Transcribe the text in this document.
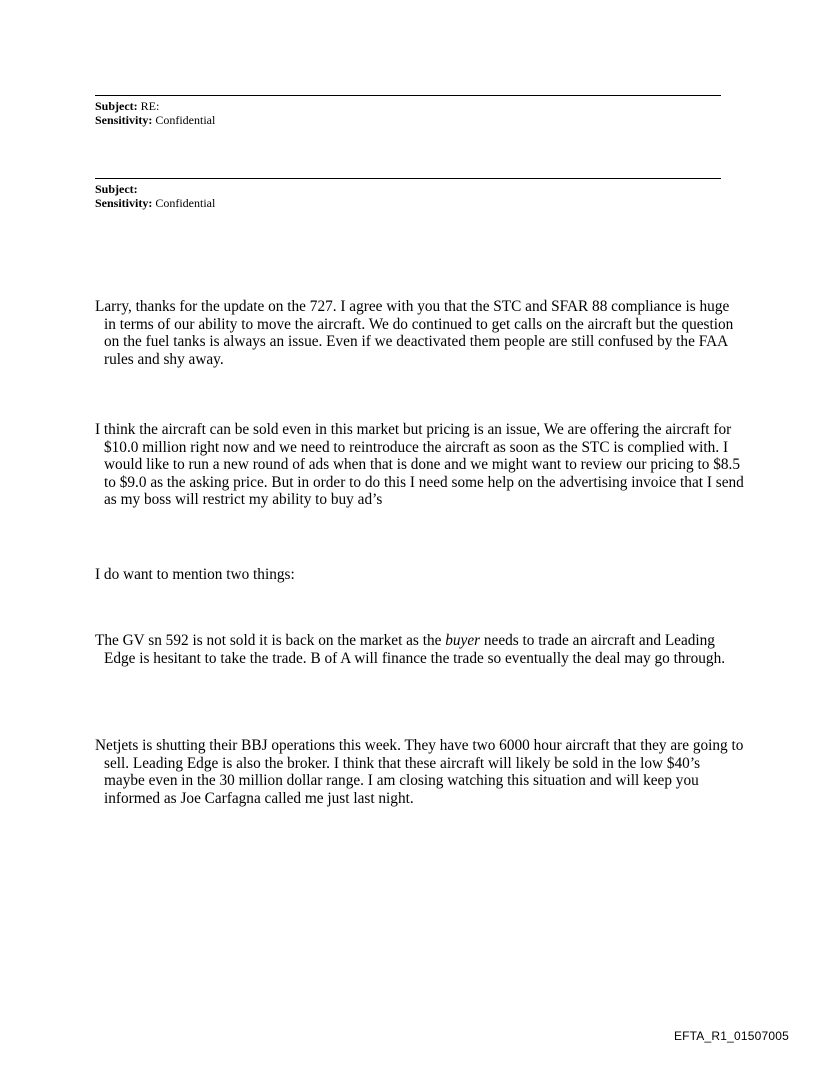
Subject: RE:
Sensitivity: Confidential
Subject:
Sensitivity: Confidential

Larry, thanks for the update on the 727. I agree with you that the STC and SFAR 88 compliance is huge in terms of our ability to move the aircraft. We do continued to get calls on the aircraft but the question on the fuel tanks is always an issue. Even if we deactivated them people are still confused by the FAA rules and shy away.

I think the aircraft can be sold even in this market but pricing is an issue, We are offering the aircraft for $10.0 million right now and we need to reintroduce the aircraft as soon as the STC is complied with. I would like to run a new round of ads when that is done and we might want to review our pricing to $8.5 to $9.0 as the asking price. But in order to do this I need some help on the advertising invoice that I send as my boss will restrict my ability to buy ad’s

I do want to mention two things:

The GV sn 592 is not sold it is back on the market as the buyer needs to trade an aircraft and Leading Edge is hesitant to take the trade. B of A will finance the trade so eventually the deal may go through.

Netjets is shutting their BBJ operations this week. They have two 6000 hour aircraft that they are going to sell. Leading Edge is also the broker. I think that these aircraft will likely be sold in the low $40’s maybe even in the 30 million dollar range. I am closing watching this situation and will keep you informed as Joe Carfagna called me just last night.

EFTA_R1_01507005
